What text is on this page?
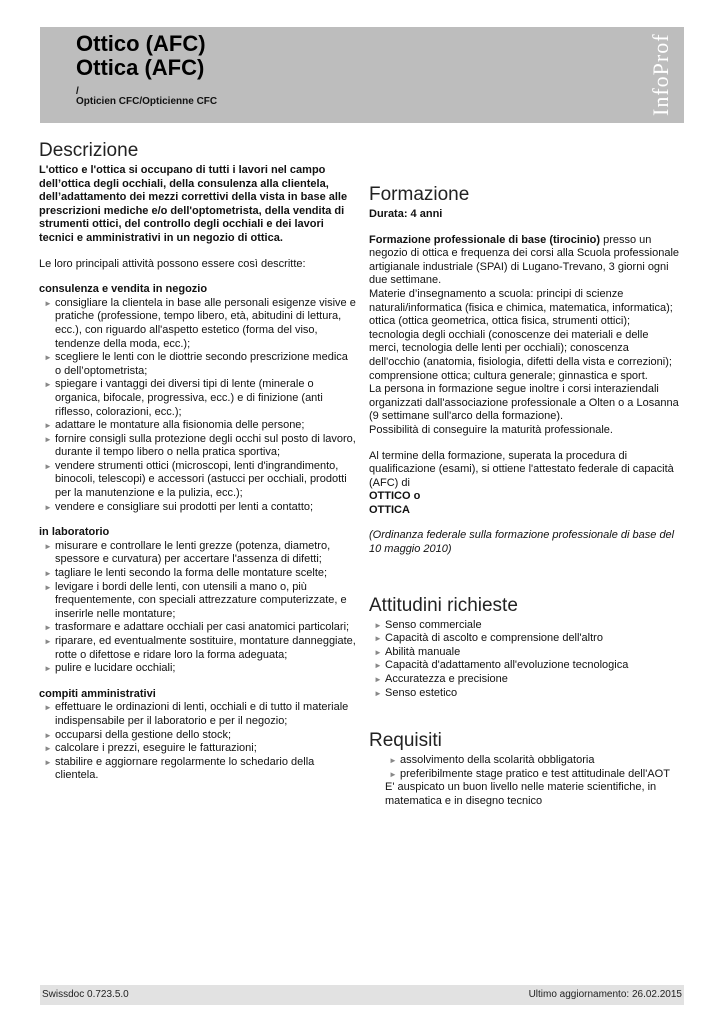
Ottico (AFC)
Ottica (AFC)
/
Opticien CFC/Opticienne CFC	InfoProf
Descrizione

L'ottico e l'ottica si occupano di tutti i lavori nel campo dell’ottica degli occhiali, della consulenza alla clientela, dell’adattamento dei mezzi correttivi della vista in base alle prescrizioni mediche e/o dell'optometrista, della vendita di strumenti ottici, del controllo degli occhiali e dei lavori tecnici e amministrativi in un negozio di ottica.

Le loro principali attività possono essere così descritte:

consulenza e vendita in negozio

► consigliare la clientela in base alle personali esigenze visive e pratiche (professione, tempo libero, età, abitudini di lettura, ecc.), con riguardo all'aspetto estetico (forma del viso, tendenze della moda, ecc.);
► scegliere le lenti con le diottrie secondo prescrizione medica o dell’optometrista;
► spiegare i vantaggi dei diversi tipi di lente (minerale o organica, bifocale, progressiva, ecc.) e di finizione (anti riflesso, colorazioni, ecc.);
► adattare le montature alla fisionomia delle persone;
► fornire consigli sulla protezione degli occhi sul posto di lavoro, durante il tempo libero o nella pratica sportiva;
► vendere strumenti ottici (microscopi, lenti d'ingrandimento, binocoli, telescopi) e accessori (astucci per occhiali, prodotti per la manutenzione e la pulizia, ecc.);
► vendere e consigliare sui prodotti per lenti a contatto;

in laboratorio

► misurare e controllare le lenti grezze (potenza, diametro, spessore e curvatura) per accertare l'assenza di difetti;
► tagliare le lenti secondo la forma delle montature scelte;
► levigare i bordi delle lenti, con utensili a mano o, più frequentemente, con speciali attrezzature computerizzate, e inserirle nelle montature;
► trasformare e adattare occhiali per casi anatomici particolari;
► riparare, ed eventualmente sostituire, montature danneggiate, rotte o difettose e ridare loro la forma adeguata;
► pulire e lucidare occhiali;

compiti amministrativi

► effettuare le ordinazioni di lenti, occhiali e di tutto il materiale indispensabile per il laboratorio e per il negozio;
► occuparsi della gestione dello stock;
► calcolare i prezzi, eseguire le fatturazioni;
► stabilire e aggiornare regolarmente lo schedario della clientela.
Formazione

Durata: 4 anni

Formazione professionale di base (tirocinio) presso un negozio di ottica e frequenza dei corsi alla Scuola professionale artigianale industriale (SPAI) di Lugano-Trevano, 3 giorni ogni due settimane.

Materie d’insegnamento a scuola: principi di scienze naturali/informatica (fisica e chimica, matematica, informatica); ottica (ottica geometrica, ottica fisica, strumenti ottici); tecnologia degli occhiali (conoscenze dei materiali e delle merci, tecnologia delle lenti per occhiali); conoscenza dell'occhio (anatomia, fisiologia, difetti della vista e correzioni); comprensione ottica; cultura generale; ginnastica e sport.

La persona in formazione segue inoltre i corsi interaziendali organizzati dall'associazione professionale a Olten o a Losanna (9 settimane sull'arco della formazione).

Possibilità di conseguire la maturità professionale.

Al termine della formazione, superata la procedura di qualificazione (esami), si ottiene l'attestato federale di capacità (AFC) di

OTTICO o

OTTICA

(Ordinanza federale sulla formazione professionale di base del 10 maggio 2010)

Attitudini richieste
► Senso commerciale
► Capacità di ascolto e comprensione dell'altro
► Abilità manuale
► Capacità d'adattamento all'evoluzione tecnologica
► Accuratezza e precisione
► Senso estetico
Requisiti
► assolvimento della scolarità obbligatoria
► preferibilmente stage pratico e test attitudinale dell'AOT

E' auspicato un buon livello nelle materie scientifiche, in matematica e in disegno tecnico

Swissdoc 0.723.5.0	Ultimo aggiornamento: 26.02.2015
